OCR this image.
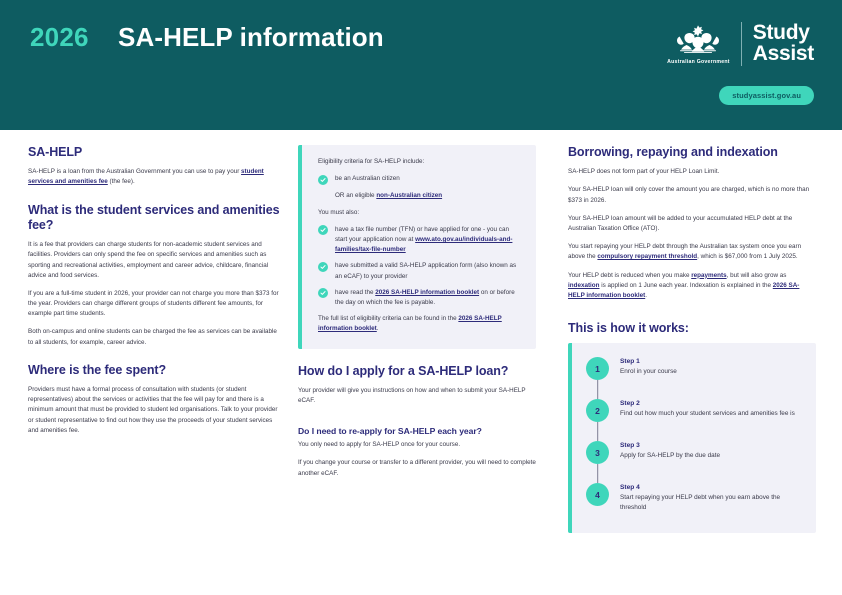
2026 SA-HELP information
Australian Government
Study
Assist
studyassist.gov.au
SA-HELP

SA-HELP is a loan from the Australian Government you can use to pay your student services and amenities fee (the fee).

What is the student services and amenities fee?

It is a fee that providers can charge students for non-academic student services and facilities. Providers can only spend the fee on specific services and amenities such as sporting and recreational activities, employment and career advice, childcare, financial advice and food services.

If you are a full-time student in 2026, your provider can not charge you more than $373 for the year. Providers can charge different groups of students different fee amounts, for example part time students.

Both on-campus and online students can be charged the fee as services can be available to all students, for example, career advice.

Where is the fee spent?

Providers must have a formal process of consultation with students (or student representatives) about the services or activities that the fee will pay for and there is a minimum amount that must be provided to student led organisations. Talk to your provider or student representative to find out how they use the proceeds of your student services and amenities fee.

Eligibility criteria for SA-HELP include:
be an Australian citizen
OR an eligible non-Australian citizen
You must also:
have a tax file number (TFN) or have applied for one - you can start your application now at www.ato.gov.au/individuals-and-families/tax-file-number
have submitted a valid SA-HELP application form (also known as an eCAF) to your provider
have read the 2026 SA-HELP information booklet on or before the day on which the fee is payable.
The full list of eligibility criteria can be found in the 2026 SA-HELP information booklet.
How do I apply for a SA-HELP loan?

Your provider will give you instructions on how and when to submit your SA-HELP eCAF.

Do I need to re-apply for SA-HELP each year?

You only need to apply for SA-HELP once for your course.

If you change your course or transfer to a different provider, you will need to complete another eCAF.

Borrowing, repaying and indexation

SA-HELP does not form part of your HELP Loan Limit.

Your SA-HELP loan will only cover the amount you are charged, which is no more than $373 in 2026.

Your SA-HELP loan amount will be added to your accumulated HELP debt at the Australian Taxation Office (ATO).

You start repaying your HELP debt through the Australian tax system once you earn above the compulsory repayment threshold, which is $67,000 from 1 July 2025.

Your HELP debt is reduced when you make repayments, but will also grow as indexation is applied on 1 June each year. Indexation is explained in the 2026 SA-HELP information booklet.

This is how it works:
1
Step 1
Enrol in your course
2
Step 2
Find out how much your student services and amenities fee is
3
Step 3
Apply for SA-HELP by the due date
4
Step 4
Start repaying your HELP debt when you earn above the threshold
